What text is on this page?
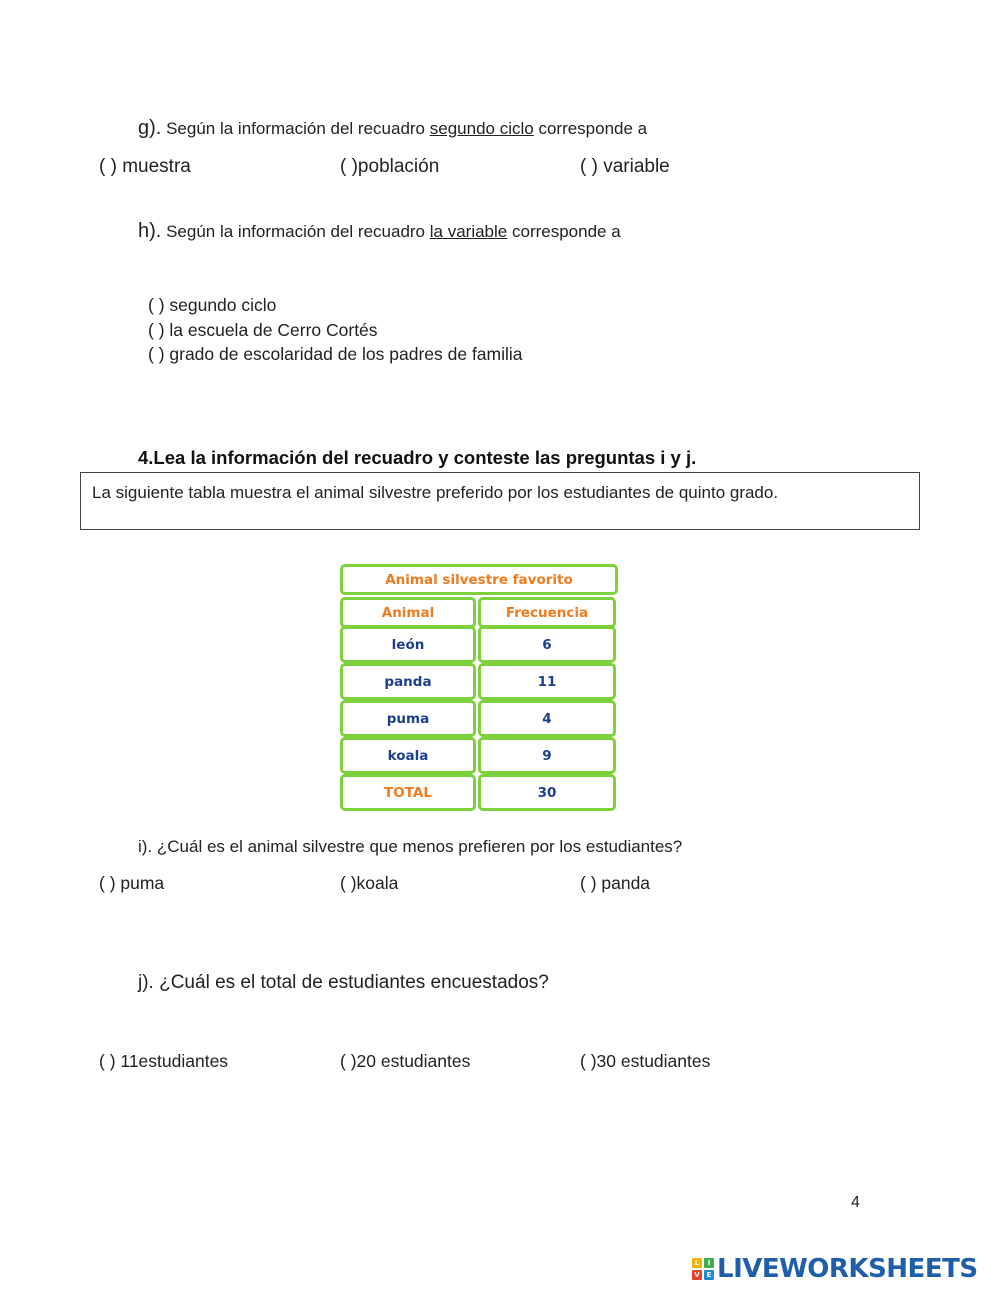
g). Según la información del recuadro segundo ciclo corresponde a
( ) muestra	( )población	( ) variable
h). Según la información del recuadro la variable corresponde a
( ) segundo ciclo
( ) la escuela de Cerro Cortés
( ) grado de escolaridad de los padres de familia
4.Lea la información del recuadro y conteste las preguntas i y j.
La siguiente tabla muestra el animal silvestre preferido por los estudiantes de quinto grado.
Animal silvestre favorito
Animal	Frecuencia
león	6
panda	11
puma	4
koala	9
TOTAL	30
i). ¿Cuál es el animal silvestre que menos prefieren por los estudiantes?
( ) puma	( )koala	( ) panda
j). ¿Cuál es el total de estudiantes encuestados?
( ) 11estudiantes	( )20 estudiantes	( )30 estudiantes
4
L	I
V E LIVEWORKSHEETS
